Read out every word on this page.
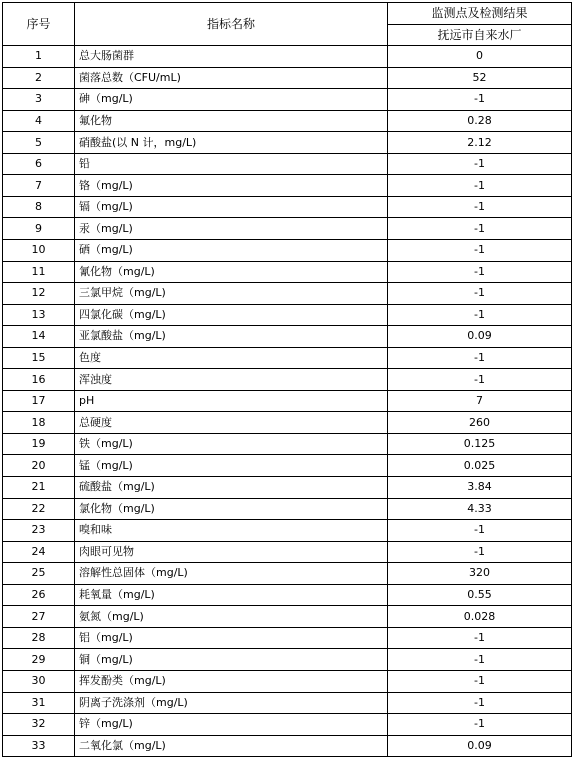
序号	指标名称	监测点及检测结果
		抚远市自来水厂
1	总大肠菌群	0
2	菌落总数（CFU/mL)	52
3	砷（mg/L)	-1
4	氟化物	0.28
5	硝酸盐(以 N 计，mg/L)	2.12
6	铅	-1
7	铬（mg/L)	-1
8	镉（mg/L)	-1
9	汞（mg/L)	-1
10	硒（mg/L)	-1
11	氰化物（mg/L)	-1
12	三氯甲烷（mg/L)	-1
13	四氯化碳（mg/L)	-1
14	亚氯酸盐（mg/L)	0.09
15	色度	-1
16	浑浊度	-1
17	pH	7
18	总硬度	260
19	铁（mg/L)	0.125
20	锰（mg/L)	0.025
21	硫酸盐（mg/L)	3.84
22	氯化物（mg/L)	4.33
23	嗅和味	-1
24	肉眼可见物	-1
25	溶解性总固体（mg/L)	320
26	耗氧量（mg/L)	0.55
27	氨氮（mg/L)	0.028
28	铝（mg/L)	-1
29	铜（mg/L)	-1
30	挥发酚类（mg/L)	-1
31	阴离子洗涤剂（mg/L)	-1
32	锌（mg/L)	-1
33	二氧化氯（mg/L)	0.09
